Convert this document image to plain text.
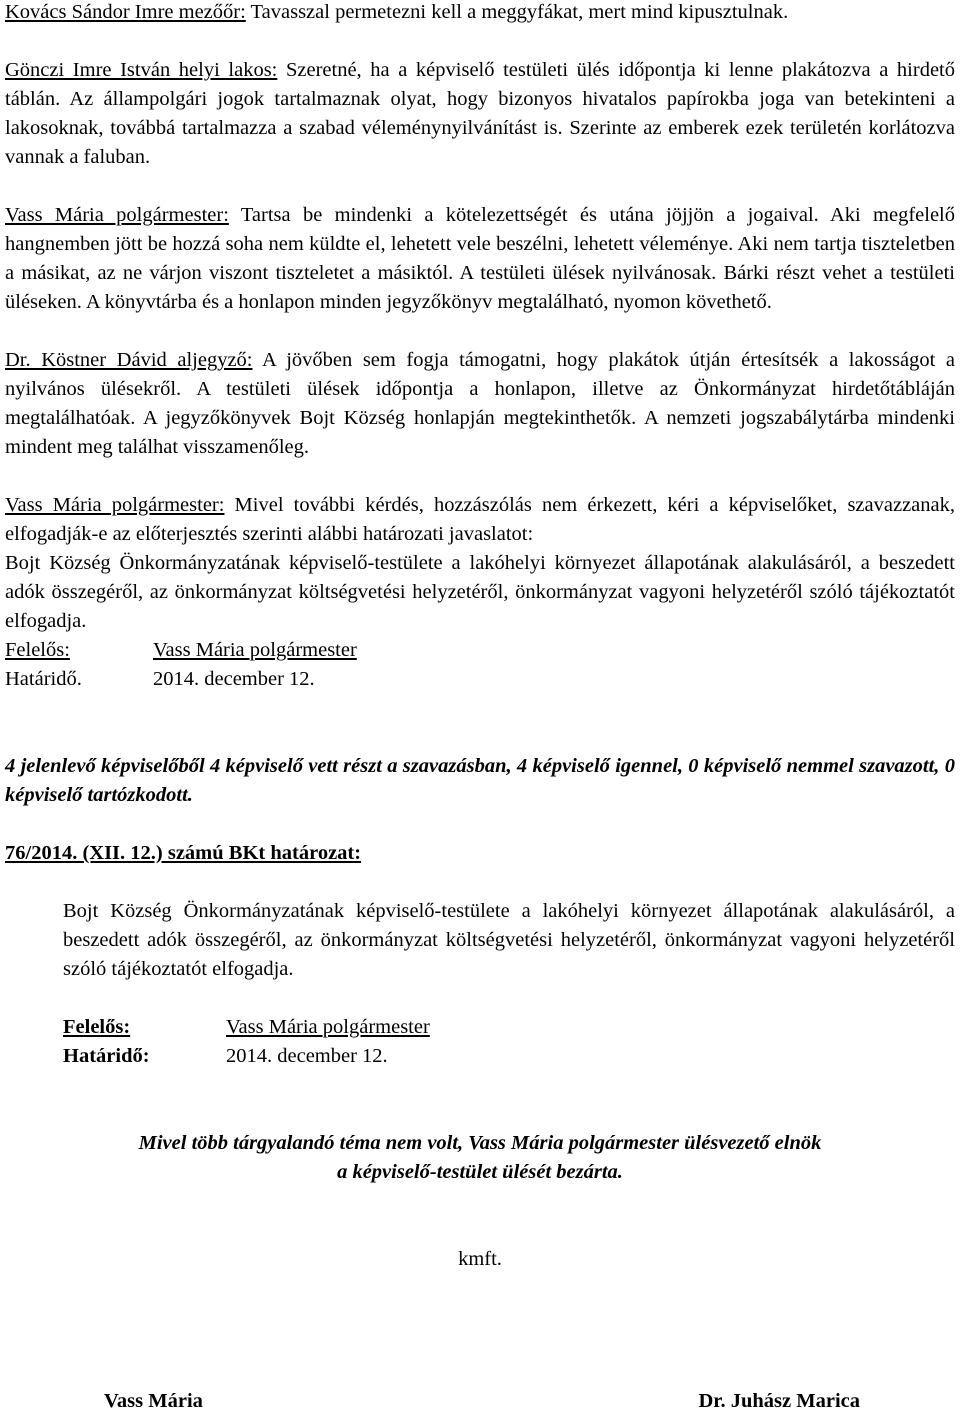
Kovács Sándor Imre mezőőr: Tavasszal permetezni kell a meggyfákat, mert mind kipusztulnak.

Gönczi Imre István helyi lakos: Szeretné, ha a képviselő testületi ülés időpontja ki lenne plakátozva a hirdető táblán. Az állampolgári jogok tartalmaznak olyat, hogy bizonyos hivatalos papírokba joga van betekinteni a lakosoknak, továbbá tartalmazza a szabad véleménynyilvánítást is. Szerinte az emberek ezek területén korlátozva vannak a faluban.

Vass Mária polgármester: Tartsa be mindenki a kötelezettségét és utána jöjjön a jogaival. Aki megfelelő hangnemben jött be hozzá soha nem küldte el, lehetett vele beszélni, lehetett véleménye. Aki nem tartja tiszteletben a másikat, az ne várjon viszont tiszteletet a másiktól. A testületi ülések nyilvánosak. Bárki részt vehet a testületi üléseken. A könyvtárba és a honlapon minden jegyzőkönyv megtalálható, nyomon követhető.

Dr. Köstner Dávid aljegyző: A jövőben sem fogja támogatni, hogy plakátok útján értesítsék a lakosságot a nyilvános ülésekről. A testületi ülések időpontja a honlapon, illetve az Önkormányzat hirdetőtábláján megtalálhatóak. A jegyzőkönyvek Bojt Község honlapján megtekinthetők. A nemzeti jogszabálytárba mindenki mindent meg találhat visszamenőleg.

Vass Mária polgármester: Mivel további kérdés, hozzászólás nem érkezett, kéri a képviselőket, szavazzanak, elfogadják-e az előterjesztés szerinti alábbi határozati javaslatot:

Bojt Község Önkormányzatának képviselő-testülete a lakóhelyi környezet állapotának alakulásáról, a beszedett adók összegéről, az önkormányzat költségvetési helyzetéről, önkormányzat vagyoni helyzetéről szóló tájékoztatót elfogadja.

Felelős:	Vass Mária polgármester
Határidő.	2014. december 12.

4 jelenlevő képviselőből 4 képviselő vett részt a szavazásban, 4 képviselő igennel, 0 képviselő nemmel szavazott, 0 képviselő tartózkodott.

76/2014. (XII. 12.) számú BKt határozat:

Bojt Község Önkormányzatának képviselő-testülete a lakóhelyi környezet állapotának alakulásáról, a beszedett adók összegéről, az önkormányzat költségvetési helyzetéről, önkormányzat vagyoni helyzetéről szóló tájékoztatót elfogadja.

Felelős:	Vass Mária polgármester
Határidő:	2014. december 12.

Mivel több tárgyalandó téma nem volt, Vass Mária polgármester ülésvezető elnök

a képviselő-testület ülését bezárta.

kmft.

Vass Mária	Dr. Juhász Marica
